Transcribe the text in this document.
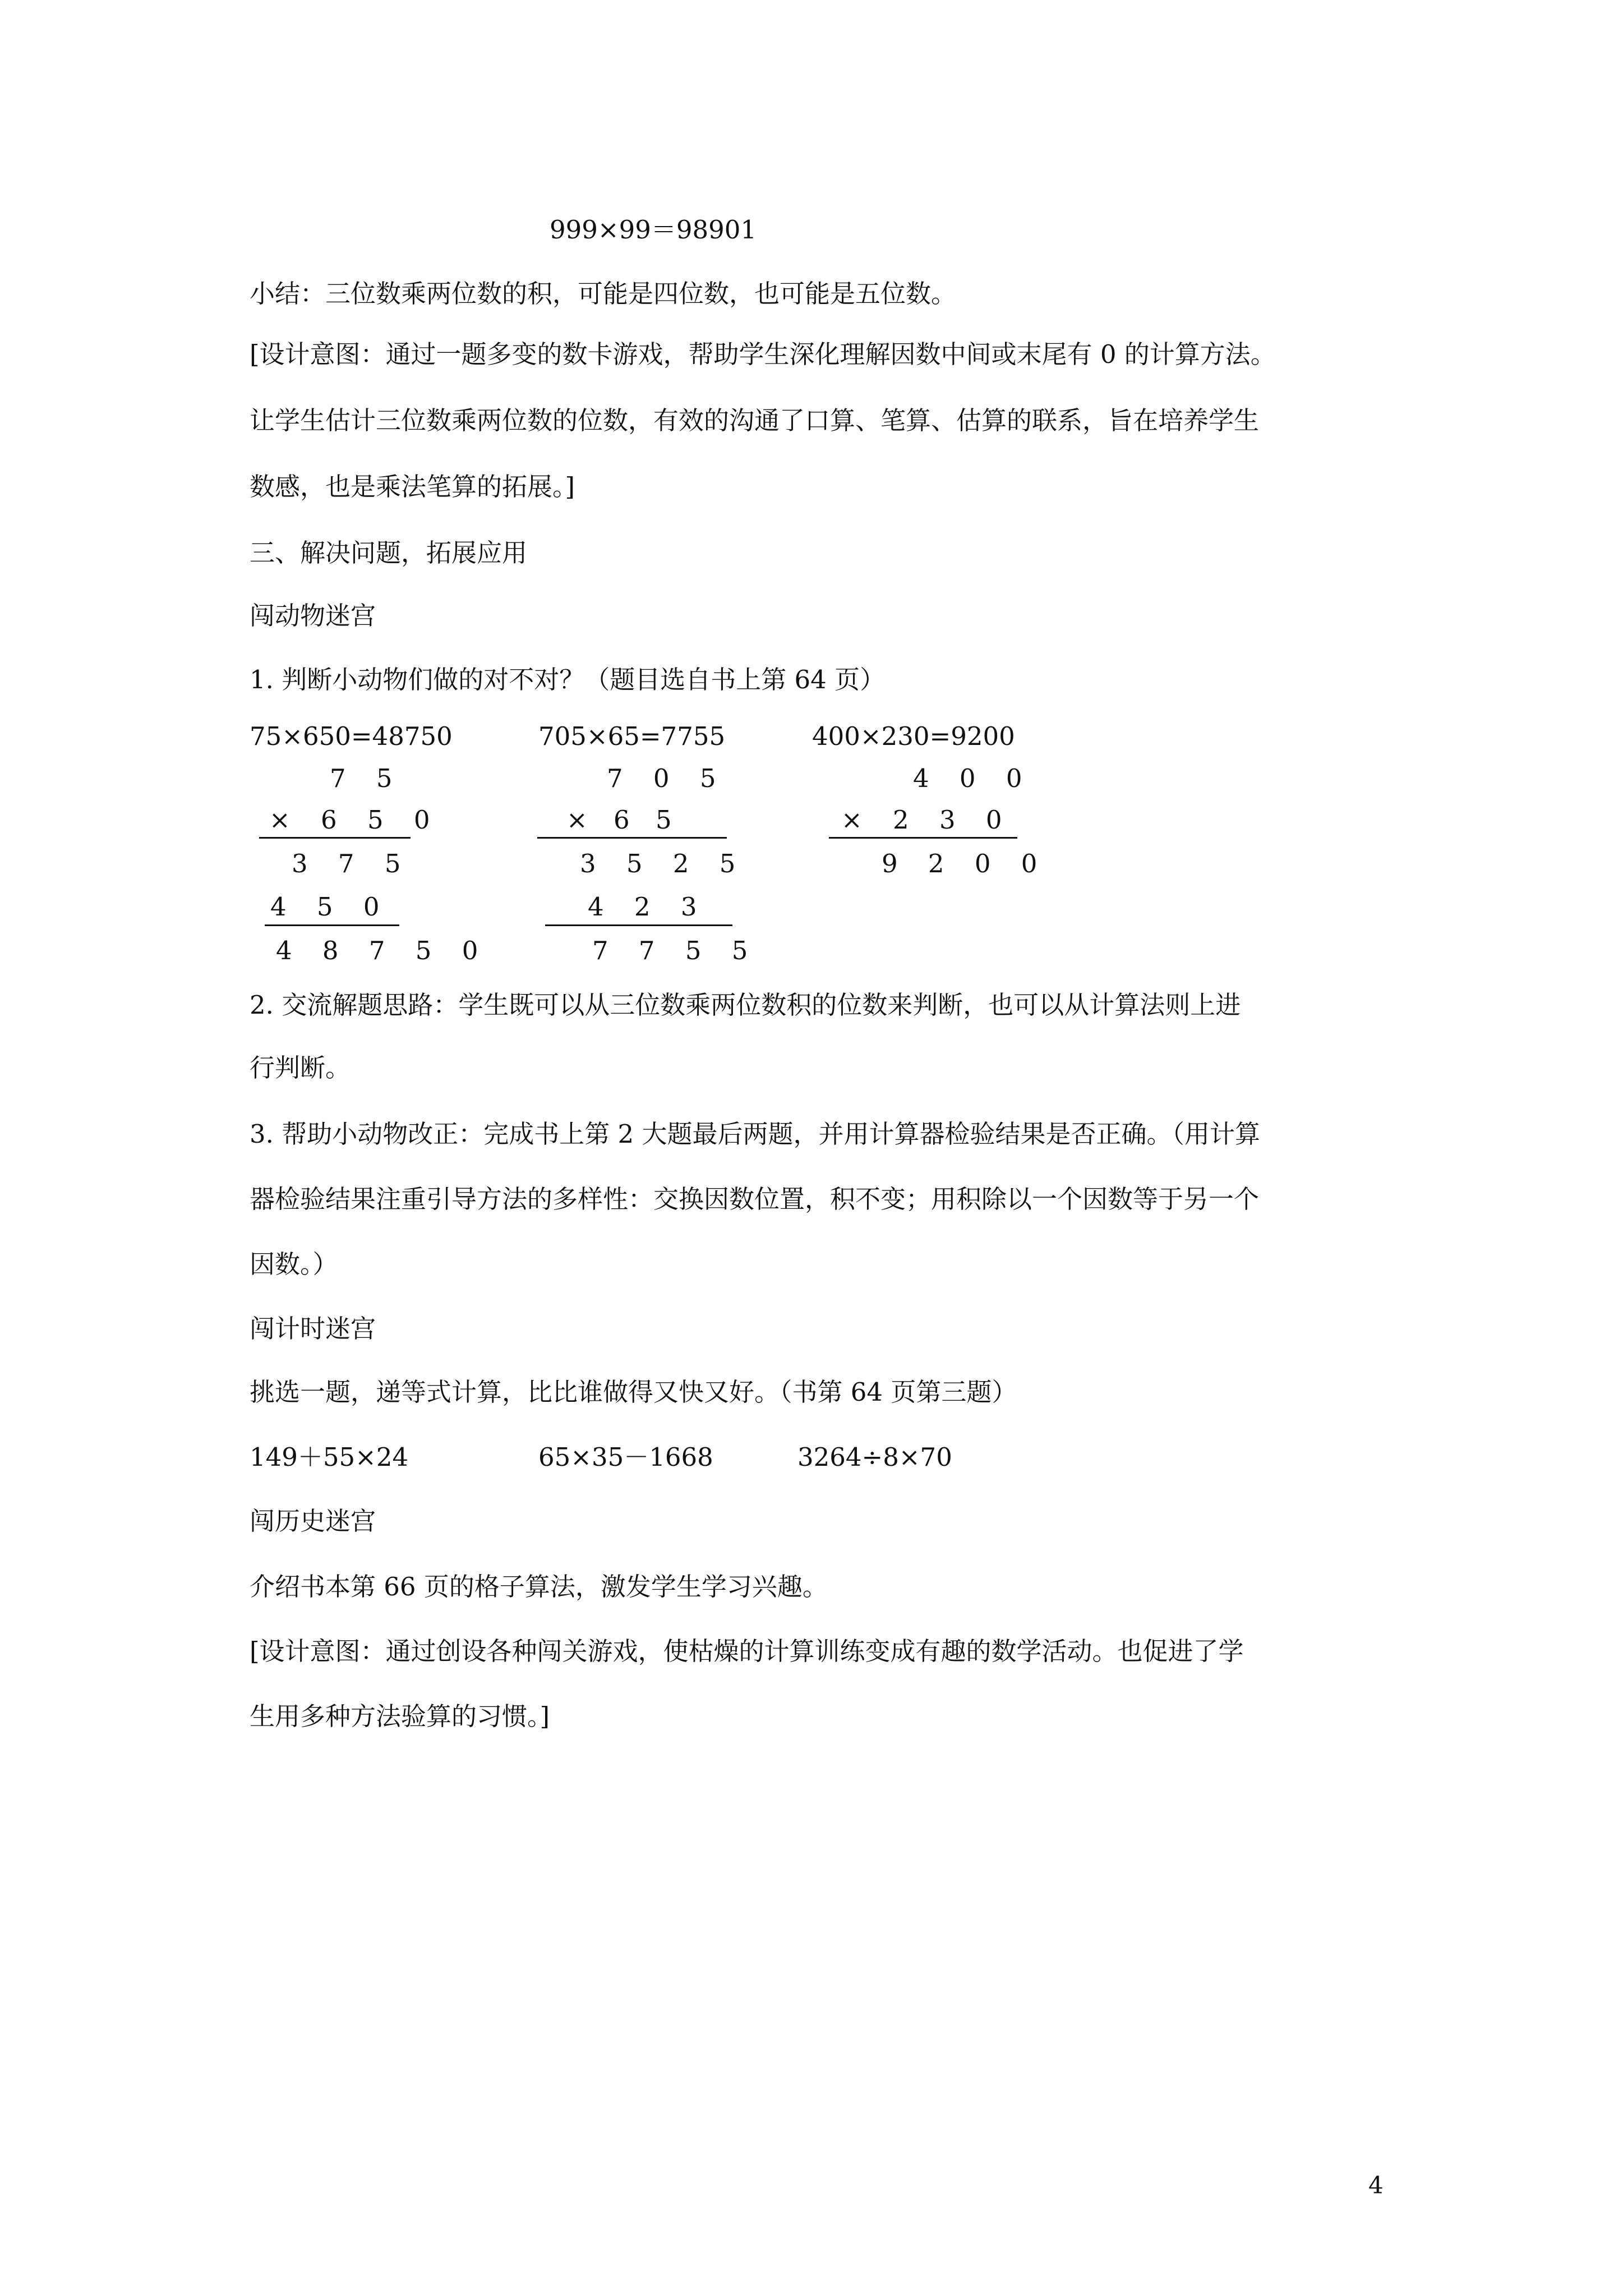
999×99＝98901
小结：三位数乘两位数的积，可能是四位数，也可能是五位数。
[设计意图：通过一题多变的数卡游戏，帮助学生深化理解因数中间或末尾有 0 的计算方法。
让学生估计三位数乘两位数的位数，有效的沟通了口算、笔算、估算的联系，旨在培养学生
数感，也是乘法笔算的拓展。]
三、解决问题，拓展应用
闯动物迷宫
1. 判断小动物们做的对不对？（题目选自书上第 64 页）
75×650=48750
7 5
× 6 5 0
3 7 5
4 5 0
4 8 7 5 0
705×65=7755
7 0 5
× 6 5
3 5 2 5
4 2 3
7 7 5 5
400×230=9200
4 0 0
× 2 3 0
9 2 0 0
2. 交流解题思路：学生既可以从三位数乘两位数积的位数来判断，也可以从计算法则上进
行判断。
3. 帮助小动物改正：完成书上第 2 大题最后两题，并用计算器检验结果是否正确。（用计算
器检验结果注重引导方法的多样性：交换因数位置，积不变；用积除以一个因数等于另一个
因数。）
闯计时迷宫
挑选一题，递等式计算，比比谁做得又快又好。（书第 64 页第三题）
149＋55×24	65×35－1668	3264÷8×70
闯历史迷宫
介绍书本第 66 页的格子算法，激发学生学习兴趣。
[设计意图：通过创设各种闯关游戏，使枯燥的计算训练变成有趣的数学活动。也促进了学
生用多种方法验算的习惯。]
4
